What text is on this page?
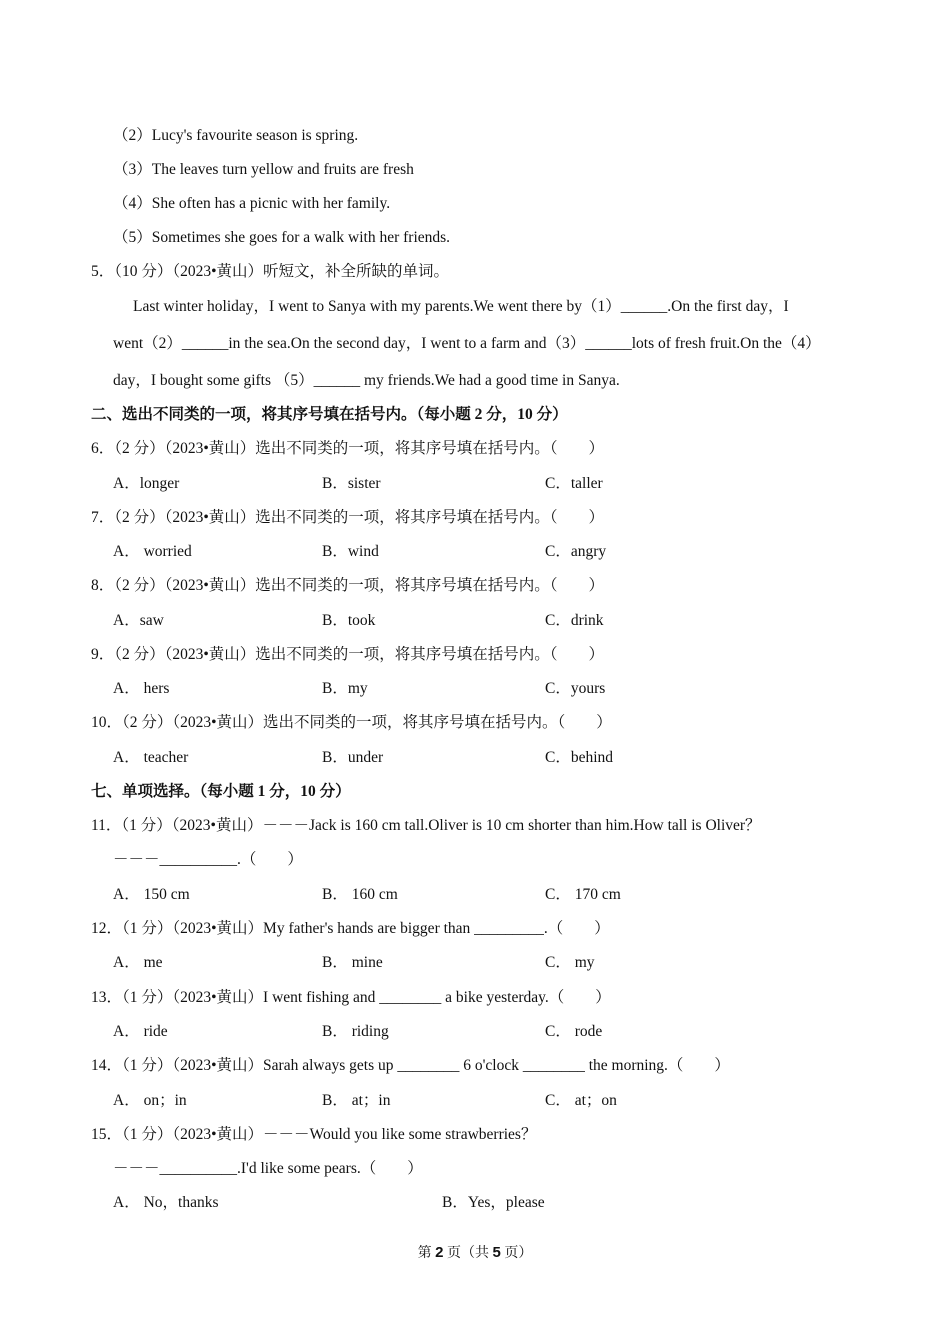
（2）Lucy's favourite season is spring.
（3）The leaves turn yellow and fruits are fresh
（4）She often has a picnic with her family.
（5）Sometimes she goes for a walk with her friends.
5．（10 分）（2023•黄山）听短文，补全所缺的单词。
Last winter holiday，I went to Sanya with my parents.We went there by（1）______.On the first day，I
went（2）______in the sea.On the second day，I went to a farm and（3）______lots of fresh fruit.On the（4）
day，I bought some gifts （5）______ my friends.We had a good time in Sanya.
二、选出不同类的一项，将其序号填在括号内。（每小题 2 分，10 分）
6．（2 分）（2023•黄山）选出不同类的一项，将其序号填在括号内。（　　）
A．longer	B．sister	C．taller
7．（2 分）（2023•黄山）选出不同类的一项，将其序号填在括号内。（　　）
A． worried	B．wind	C．angry
8．（2 分）（2023•黄山）选出不同类的一项，将其序号填在括号内。（　　）
A．saw	B．took	C．drink
9．（2 分）（2023•黄山）选出不同类的一项，将其序号填在括号内。（　　）
A． hers	B．my	C．yours
10．（2 分）（2023•黄山）选出不同类的一项，将其序号填在括号内。（　　）
A． teacher	B．under	C．behind
七、单项选择。（每小题 1 分，10 分）
11．（1 分）（2023•黄山）－－－Jack is 160 cm tall.Oliver is 10 cm shorter than him.How tall is Oliver？
－－－__________.（　　）
A． 150 cm	B． 160 cm	C． 170 cm
12．（1 分）（2023•黄山）My father's hands are bigger than _________.（　　）
A． me	B． mine	C． my
13．（1 分）（2023•黄山）I went fishing and ________ a bike yesterday.（　　）
A． ride	B． riding	C． rode
14．（1 分）（2023•黄山）Sarah always gets up ________ 6 o'clock ________ the morning.（　　）
A． on；in	B． at；in	C． at；on
15．（1 分）（2023•黄山）－－－Would you like some strawberries？
－－－__________.I'd like some pears.（　　）
A． No，thanks	B．Yes，please
第 2 页（共 5 页）
